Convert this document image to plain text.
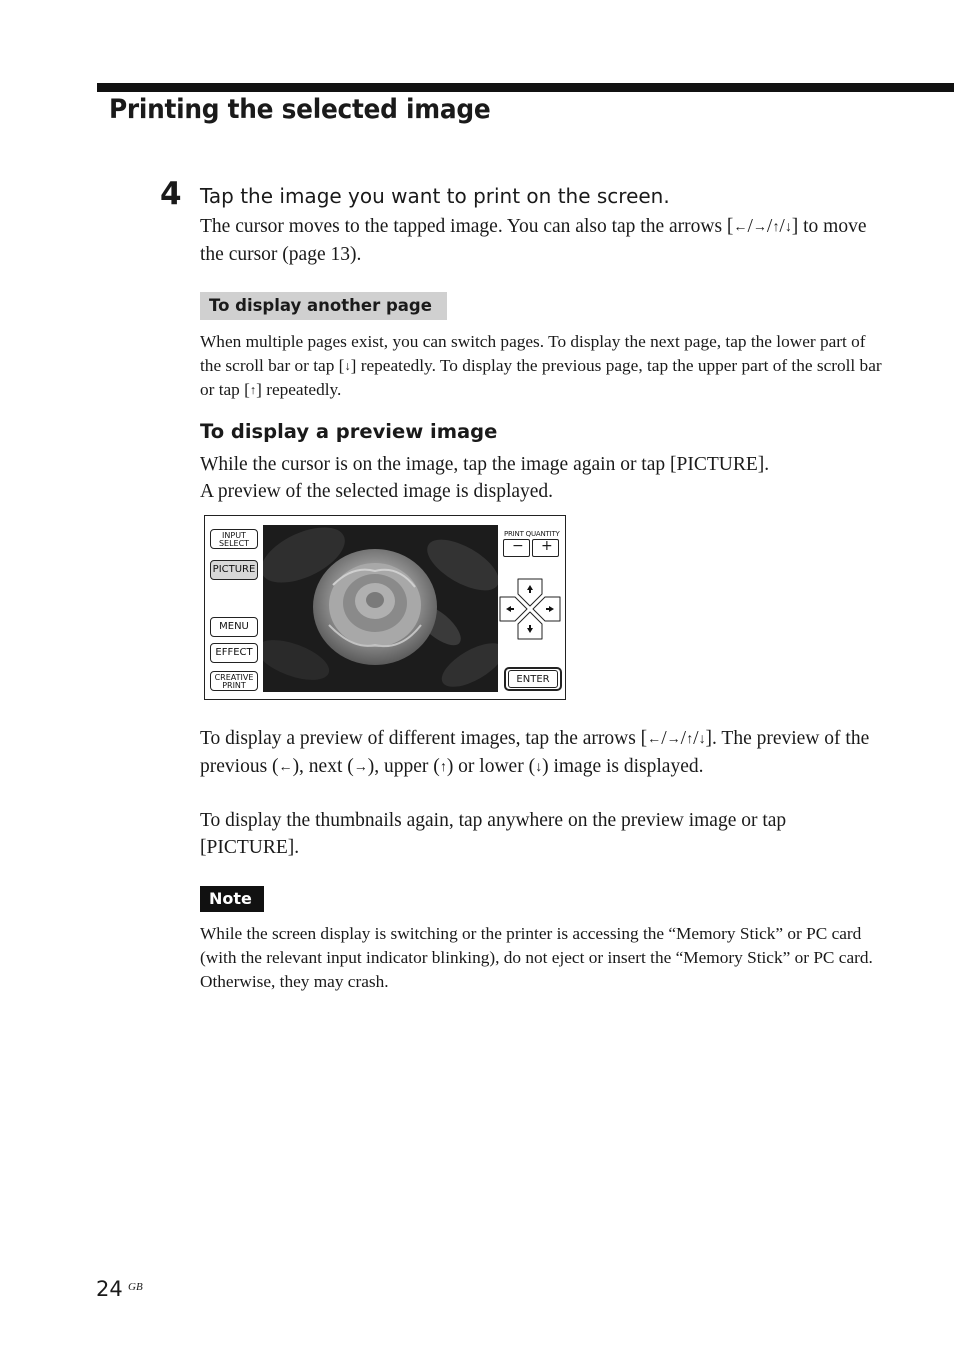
Printing the selected image
4 Tap the image you want to print on the screen.
The cursor moves to the tapped image. You can also tap the arrows [←/→/↑/↓] to move the cursor (page 13).
To display another page
When multiple pages exist, you can switch pages. To display the next page, tap the lower part of the scroll bar or tap [↓] repeatedly. To display the previous page, tap the upper part of the scroll bar or tap [↑] repeatedly.
To display a preview image
While the cursor is on the image, tap the image again or tap [PICTURE].
A preview of the selected image is displayed.
INPUT
SELECT
PICTURE
MENU
EFFECT
CREATIVE
PRINT
PRINT QUANTITY
− +
ENTER
To display a preview of different images, tap the arrows [←/→/↑/↓]. The preview of the previous (←), next (→), upper (↑) or lower (↓) image is displayed.
To display the thumbnails again, tap anywhere on the preview image or tap [PICTURE].
Note
While the screen display is switching or the printer is accessing the “Memory Stick” or PC card (with the relevant input indicator blinking), do not eject or insert the “Memory Stick” or PC card. Otherwise, they may crash.
24 GB
